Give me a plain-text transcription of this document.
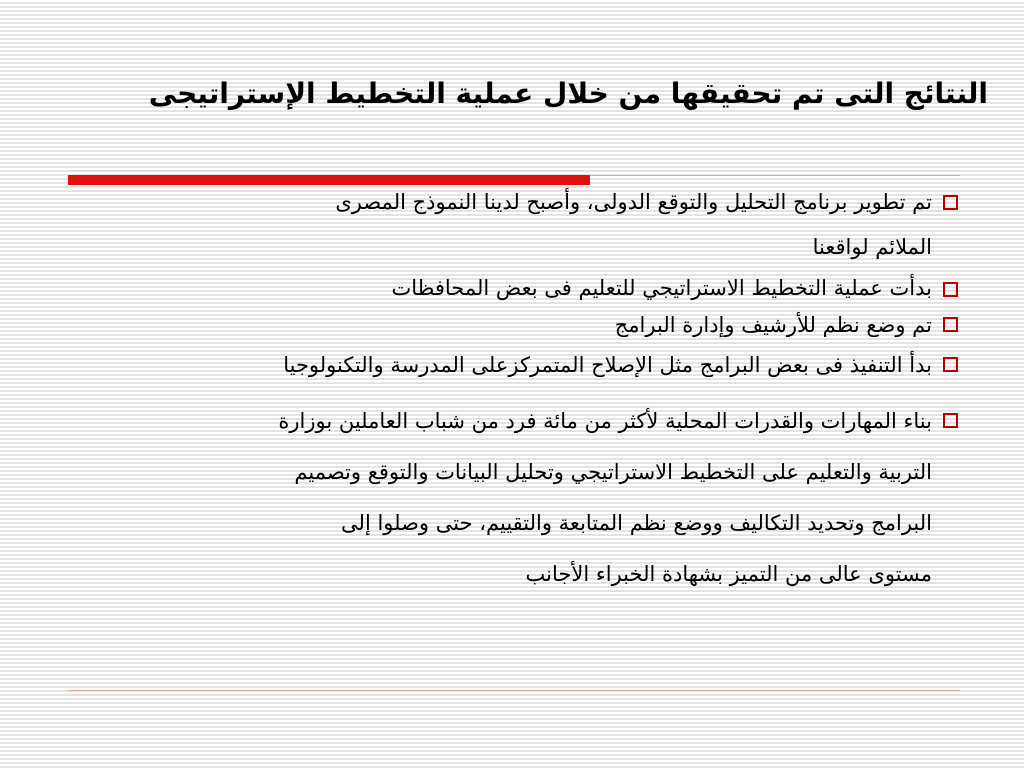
النتائج التى تم تحقيقها من خلال عملية التخطيط الإستراتيجى
تم تطوير برنامج التحليل والتوقع الدولى، وأصبح لدينا النموذج المصرى
الملائم لواقعنا
بدأت عملية التخطيط الاستراتيجي للتعليم فى بعض المحافظات
تم وضع نظم للأرشيف وإدارة البرامج
بدأ التنفيذ فى بعض البرامج مثل الإصلاح المتمركزعلى المدرسة والتكنولوجيا

بناء المهارات والقدرات المحلية لأكثر من مائة فرد من شباب العاملين بوزارة

التربية والتعليم على التخطيط الاستراتيجي وتحليل البيانات والتوقع وتصميم

البرامج وتحديد التكاليف ووضع نظم المتابعة والتقييم، حتى وصلوا إلى

مستوى عالى من التميز بشهادة الخبراء الأجانب
